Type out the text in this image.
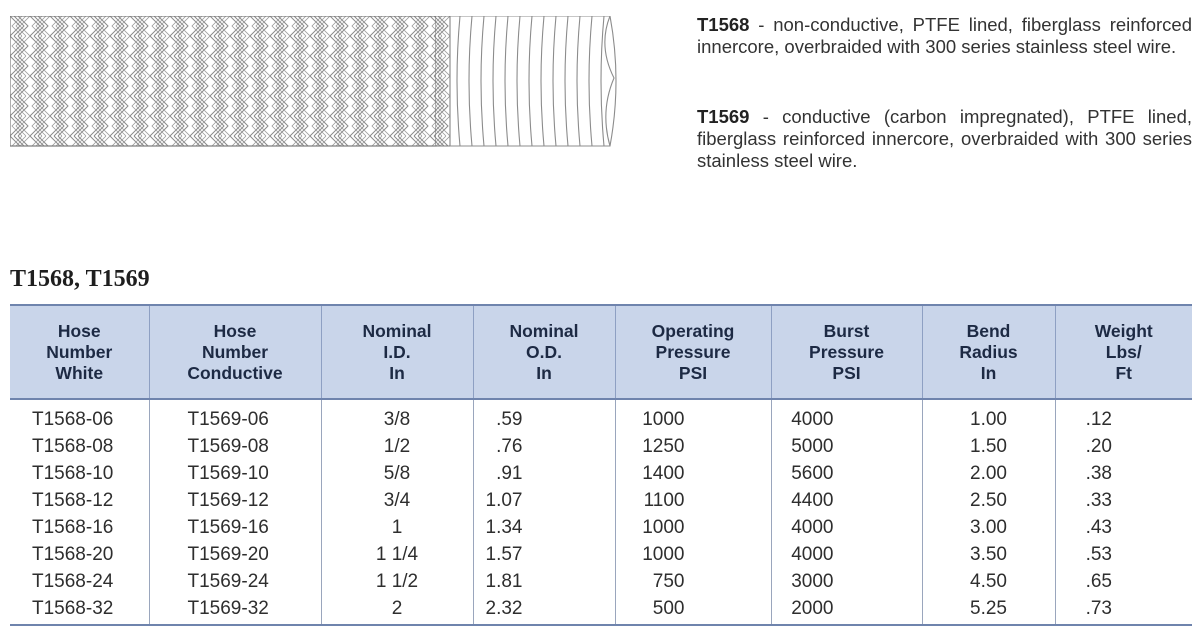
T1568 - non-conductive, PTFE lined, fiberglass reinforced innercore, overbraided with 300 series stainless steel wire.
T1569 - conductive (carbon impregnated), PTFE lined, fiberglass reinforced innercore, overbraided with 300 series stainless steel wire.
T1568, T1569
Hose
Number
White	Hose
Number
Conductive	Nominal
I.D.
In	Nominal
O.D.
In	Operating
Pressure
PSI	Burst
Pressure
PSI	Bend
Radius
In	Weight
Lbs/
Ft
T1568-06	T1569-06	3/8	.59	1000	4000	1.00	.12
T1568-08	T1569-08	1/2	.76	1250	5000	1.50	.20
T1568-10	T1569-10	5/8	.91	1400	5600	2.00	.38
T1568-12	T1569-12	3/4	1.07	1100	4400	2.50	.33
T1568-16	T1569-16	1	1.34	1000	4000	3.00	.43
T1568-20	T1569-20	1 1/4	1.57	1000	4000	3.50	.53
T1568-24	T1569-24	1 1/2	1.81	750	3000	4.50	.65
T1568-32	T1569-32	2	2.32	500	2000	5.25	.73
